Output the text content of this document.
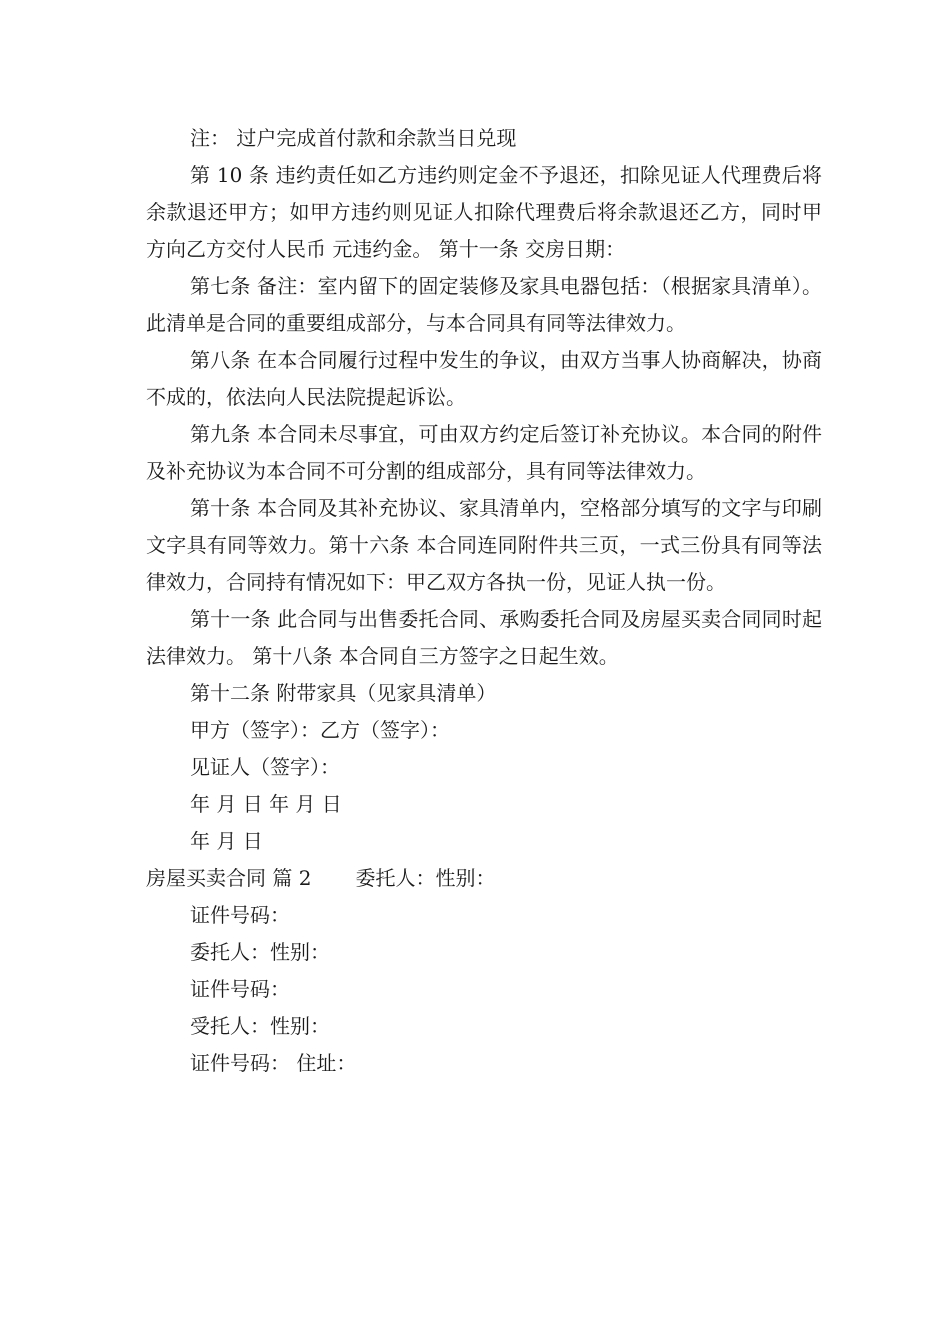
注： 过户完成首付款和余款当日兑现

第 10 条 违约责任如乙方违约则定金不予退还，扣除见证人代理费后将余款退还甲方；如甲方违约则见证人扣除代理费后将余款退还乙方，同时甲方向乙方交付人民币 元违约金。 第十一条 交房日期：

第七条 备注：室内留下的固定装修及家具电器包括：（根据家具清单）。此清单是合同的重要组成部分，与本合同具有同等法律效力。

第八条 在本合同履行过程中发生的争议，由双方当事人协商解决，协商不成的，依法向人民法院提起诉讼。

第九条 本合同未尽事宜，可由双方约定后签订补充协议。本合同的附件及补充协议为本合同不可分割的组成部分，具有同等法律效力。

第十条 本合同及其补充协议、家具清单内，空格部分填写的文字与印刷文字具有同等效力。第十六条 本合同连同附件共三页，一式三份具有同等法律效力，合同持有情况如下：甲乙双方各执一份，见证人执一份。

第十一条 此合同与出售委托合同、承购委托合同及房屋买卖合同同时起法律效力。 第十八条 本合同自三方签字之日起生效。

第十二条 附带家具（见家具清单）

甲方（签字）：乙方（签字）：

见证人（签字）：

年 月 日 年 月 日

年 月 日

房屋买卖合同 篇 2 委托人：性别：

证件号码：

委托人：性别：

证件号码：

受托人：性别：

证件号码： 住址：
